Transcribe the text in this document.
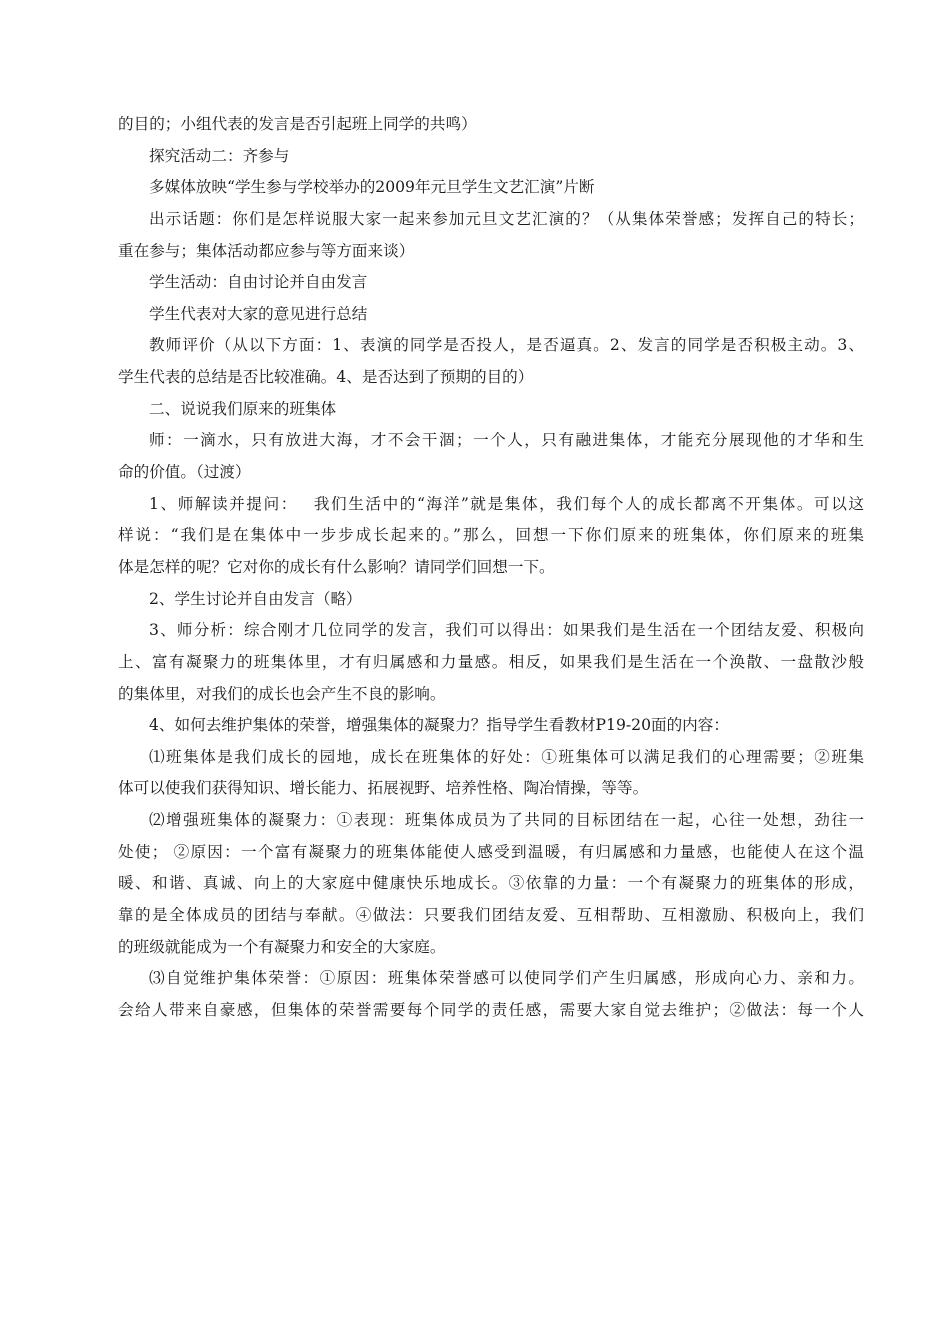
的目的；小组代表的发言是否引起班上同学的共鸣）
探究活动二：齐参与
多媒体放映“学生参与学校举办的2009年元旦学生文艺汇演”片断
出示话题：你们是怎样说服大家一起来参加元旦文艺汇演的？（从集体荣誉感；发挥自己的特长；
重在参与；集体活动都应参与等方面来谈）
学生活动：自由讨论并自由发言
学生代表对大家的意见进行总结
教师评价（从以下方面：1、表演的同学是否投人，是否逼真。2、发言的同学是否积极主动。3、
学生代表的总结是否比较准确。4、是否达到了预期的目的）
二、说说我们原来的班集体
师：一滴水，只有放进大海，才不会干涸；一个人，只有融进集体，才能充分展现他的才华和生
命的价值。（过渡）
1、师解读并提问：　 我们生活中的“海洋”就是集体，我们每个人的成长都离不开集体。可以这
样说：“我们是在集体中一步步成长起来的。”那么，回想一下你们原来的班集体，你们原来的班集
体是怎样的呢？它对你的成长有什么影响？请同学们回想一下。
2、学生讨论并自由发言（略）
3、师分析：综合刚才几位同学的发言，我们可以得出：如果我们是生活在一个团结友爱、积极向
上、富有凝聚力的班集体里，才有归属感和力量感。相反，如果我们是生活在一个涣散、一盘散沙般
的集体里，对我们的成长也会产生不良的影响。
4、如何去维护集体的荣誉，增强集体的凝聚力？指导学生看教材P19-20面的内容：
⑴班集体是我们成长的园地，成长在班集体的好处：①班集体可以满足我们的心理需要；②班集
体可以使我们获得知识、增长能力、拓展视野、培养性格、陶冶情操，等等。
⑵增强班集体的凝聚力：①表现：班集体成员为了共同的目标团结在一起，心往一处想，劲往一
处使； ②原因：一个富有凝聚力的班集体能使人感受到温暖，有归属感和力量感，也能使人在这个温
暖、和谐、真诚、向上的大家庭中健康快乐地成长。③依靠的力量：一个有凝聚力的班集体的形成，
靠的是全体成员的团结与奉献。④做法：只要我们团结友爱、互相帮助、互相激励、积极向上，我们
的班级就能成为一个有凝聚力和安全的大家庭。
⑶自觉维护集体荣誉：①原因：班集体荣誉感可以使同学们产生归属感，形成向心力、亲和力。
会给人带来自豪感，但集体的荣誉需要每个同学的责任感，需要大家自觉去维护；②做法：每一个人
